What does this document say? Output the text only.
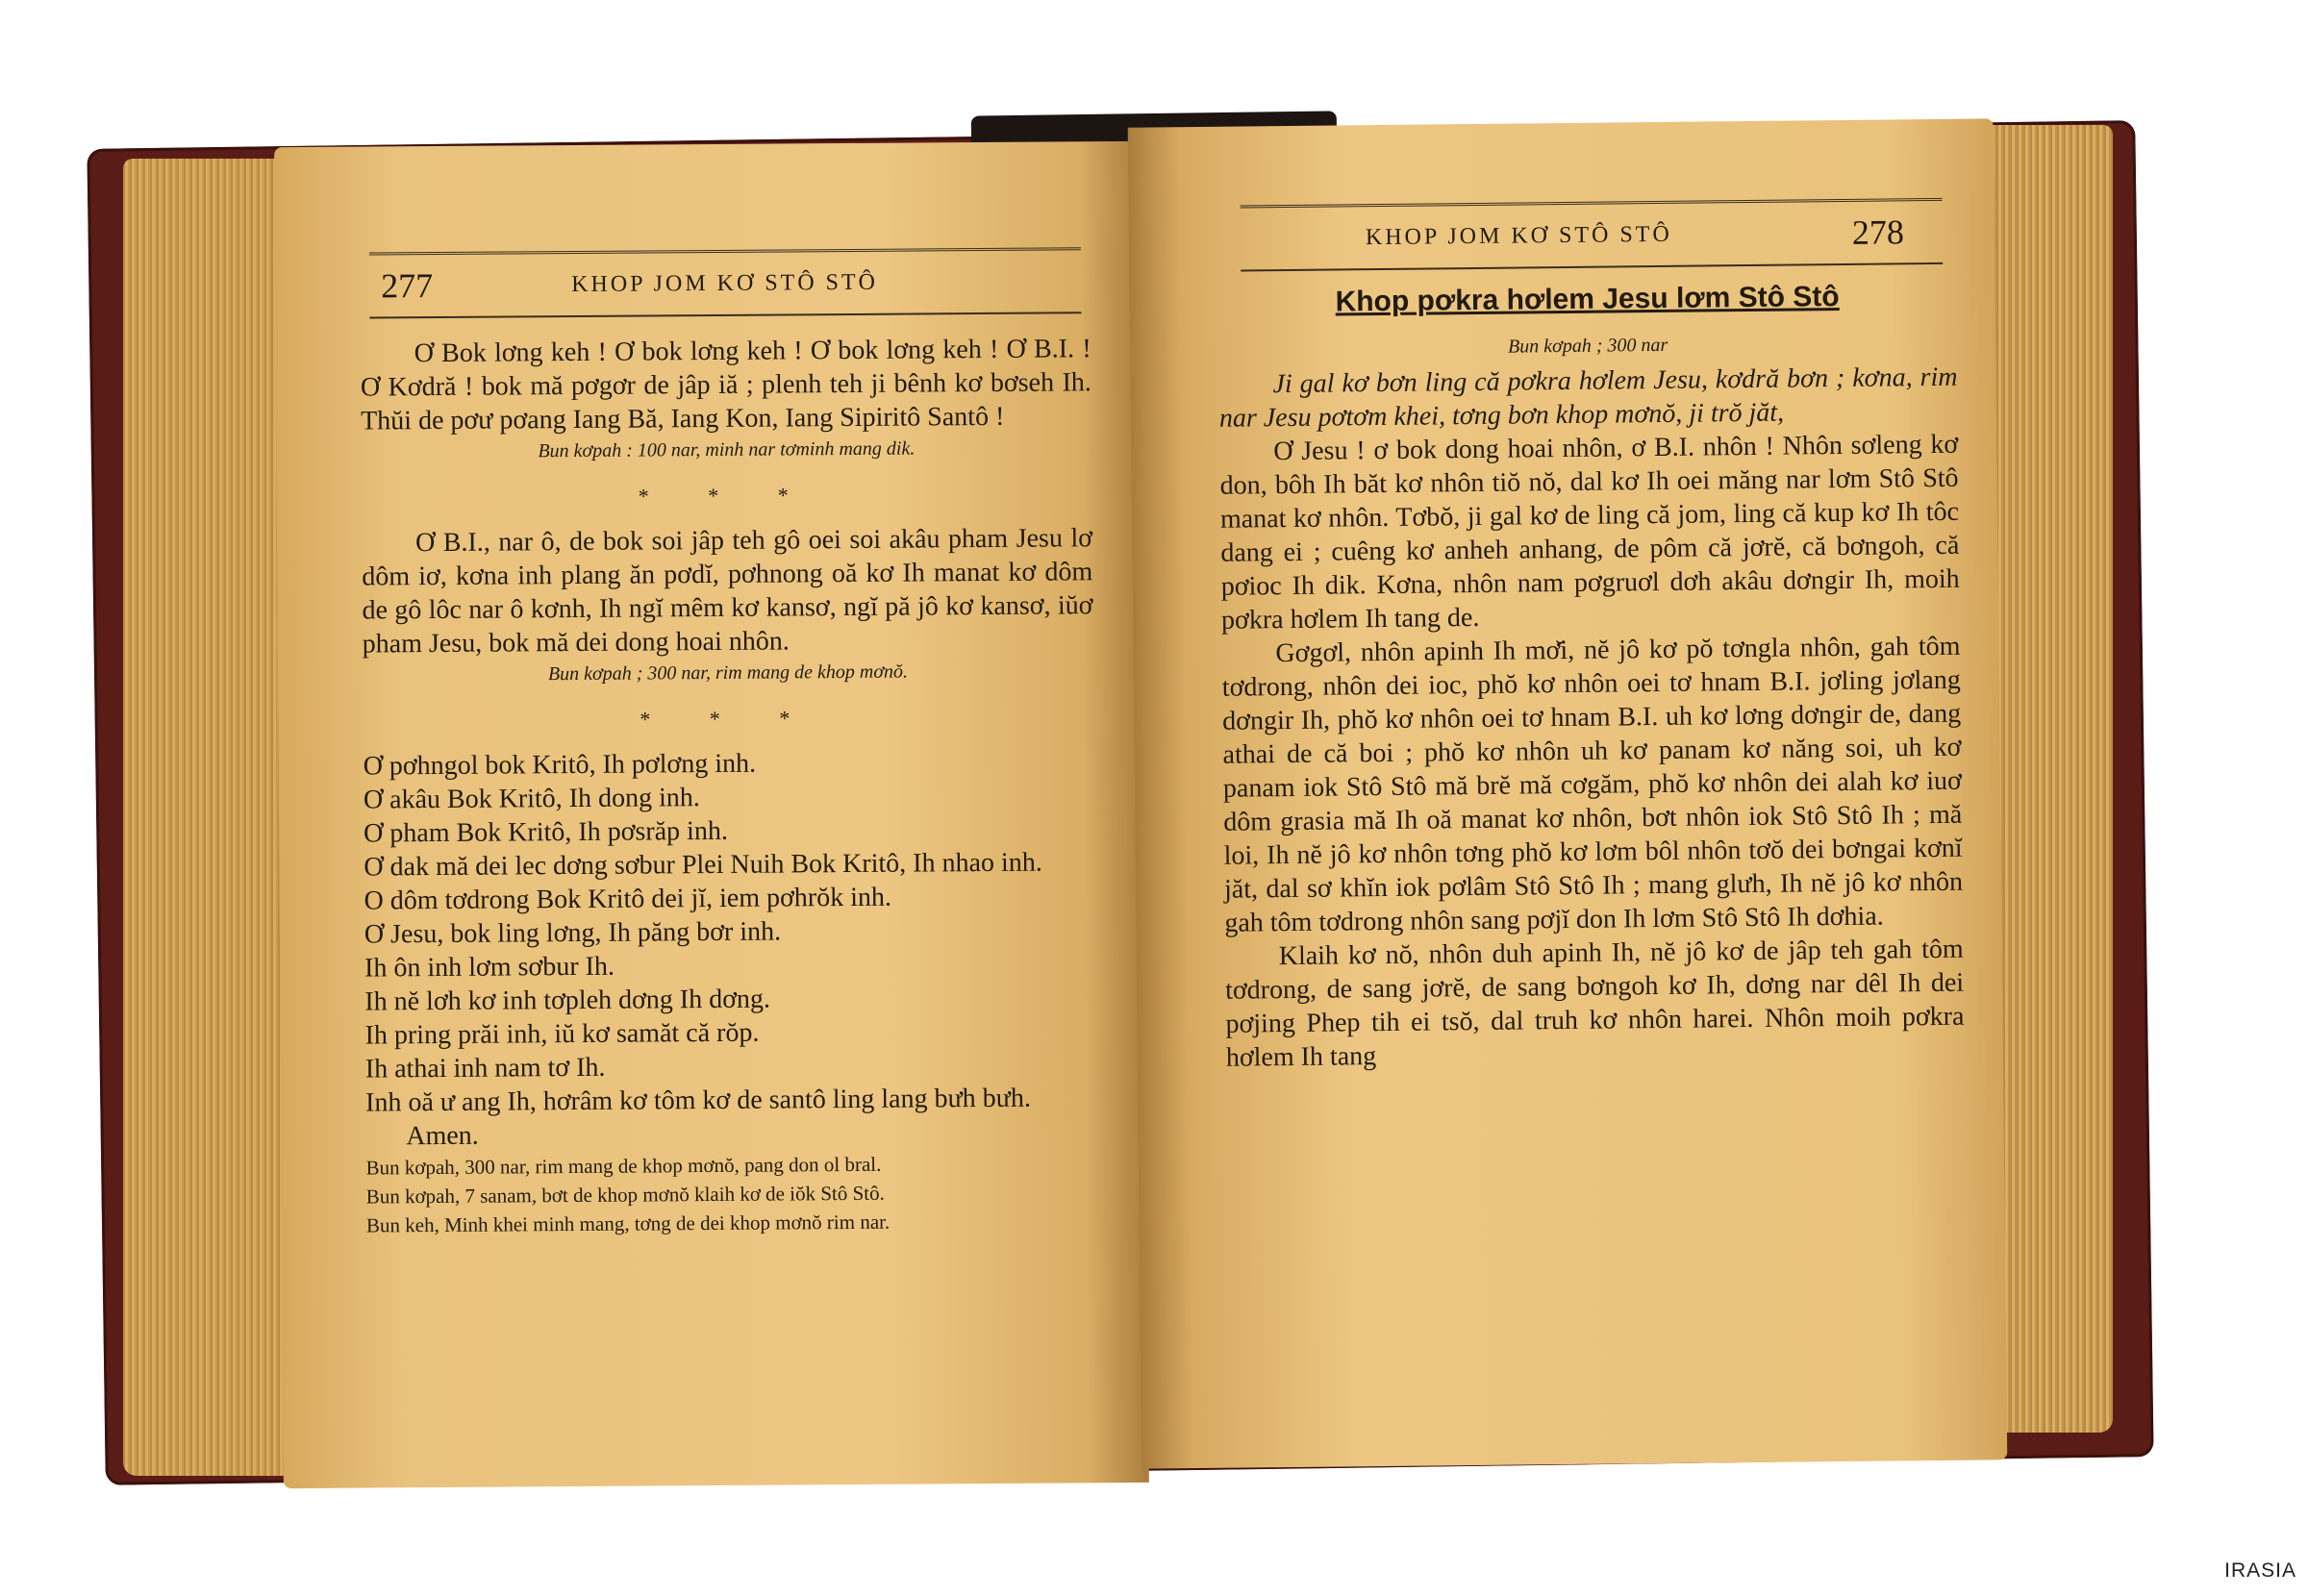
277	KHOP JOM KƠ STÔ STÔ

Ơ Bok lơng keh ! Ơ bok lơng keh ! Ơ bok lơng keh ! Ơ B.I. ! Ơ Kơdră ! bok mă pơgơr de jâp iă ; plenh teh ji bênh kơ bơseh Ih. Thŭi de pơư pơang Iang Bă, Iang Kon, Iang Sipiritô Santô !

Bun kơpah : 100 nar, minh nar tơminh mang dik.
* * *

Ơ B.I., nar ô, de bok soi jâp teh gô oei soi akâu pham Jesu lơ dôm iơ, kơna inh plang ăn pơdĭ, pơhnong oă kơ Ih manat kơ dôm de gô lôc nar ô kơnh, Ih ngĭ mêm kơ kansơ, ngĭ pă jô kơ kansơ, iŭơ pham Jesu, bok mă dei dong hoai nhôn.

Bun kơpah ; 300 nar, rim mang de khop mơnŏ.
* * *

Ơ pơhngol bok Kritô, Ih pơlơng inh.

Ơ akâu Bok Kritô, Ih dong inh.

Ơ pham Bok Kritô, Ih pơsrăp inh.

Ơ dak mă dei lec dơng sơbur Plei Nuih Bok Kritô, Ih nhao inh.

O dôm tơdrong Bok Kritô dei jĭ, iem pơhrŏk inh.

Ơ Jesu, bok ling lơng, Ih păng bơr inh.

Ih ôn inh lơm sơbur Ih.

Ih nĕ lơh kơ inh tơpleh dơng Ih dơng.

Ih pring prăi inh, iŭ kơ samăt că rŏp.

Ih athai inh nam tơ Ih.

Inh oă ư ang Ih, hơrâm kơ tôm kơ de santô ling lang bưh bưh. Amen.

Bun kơpah, 300 nar, rim mang de khop mơnŏ, pang don ol bral.
Bun kơpah, 7 sanam, bơt de khop mơnŏ klaih kơ de iŏk Stô Stô.
Bun keh, Minh khei minh mang, tơng de dei khop mơnŏ rim nar.
KHOP JOM KƠ STÔ STÔ	278
Khop pơkra hơlem Jesu lơm Stô Stô
Bun kơpah ; 300 nar

Ji gal kơ bơn ling că pơkra hơlem Jesu, kơdră bơn ; kơna, rim nar Jesu pơtơm khei, tơng bơn khop mơnŏ, ji trŏ jăt,

Ơ Jesu ! ơ bok dong hoai nhôn, ơ B.I. nhôn ! Nhôn sơleng kơ don, bôh Ih băt kơ nhôn tiŏ nŏ, dal kơ Ih oei măng nar lơm Stô Stô manat kơ nhôn. Tơbŏ, ji gal kơ de ling că jom, ling că kup kơ Ih tôc dang ei ; cuêng kơ anheh anhang, de pôm că jơrĕ, că bơngoh, că pơioc Ih dik. Kơna, nhôn nam pơgruơl dơh akâu dơngir Ih, moih pơkra hơlem Ih tang de.

Gơgơl, nhôn apinh Ih mơ̆i, nĕ jô kơ pŏ tơngla nhôn, gah tôm tơdrong, nhôn dei ioc, phŏ kơ nhôn oei tơ hnam B.I. jơling jơlang dơngir Ih, phŏ kơ nhôn oei tơ hnam B.I. uh kơ lơng dơngir de, dang athai de că boi ; phŏ kơ nhôn uh kơ panam kơ năng soi, uh kơ panam iok Stô Stô mă brĕ mă cơgăm, phŏ kơ nhôn dei alah kơ iuơ dôm grasia mă Ih oă manat kơ nhôn, bơt nhôn iok Stô Stô Ih ; mă loi, Ih nĕ jô kơ nhôn tơng phŏ kơ lơm bôl nhôn tơŏ dei bơngai kơnĭ jăt, dal sơ khĭn iok pơlâm Stô Stô Ih ; mang glưh, Ih nĕ jô kơ nhôn gah tôm tơdrong nhôn sang pơjĭ don Ih lơm Stô Stô Ih dơhia.

Klaih kơ nŏ, nhôn duh apinh Ih, nĕ jô kơ de jâp teh gah tôm tơdrong, de sang jơrĕ, de sang bơngoh kơ Ih, dơng nar dêl Ih dei pơjing Phep tih ei tsŏ, dal truh kơ nhôn harei. Nhôn moih pơkra hơlem Ih tang

IRASIA
